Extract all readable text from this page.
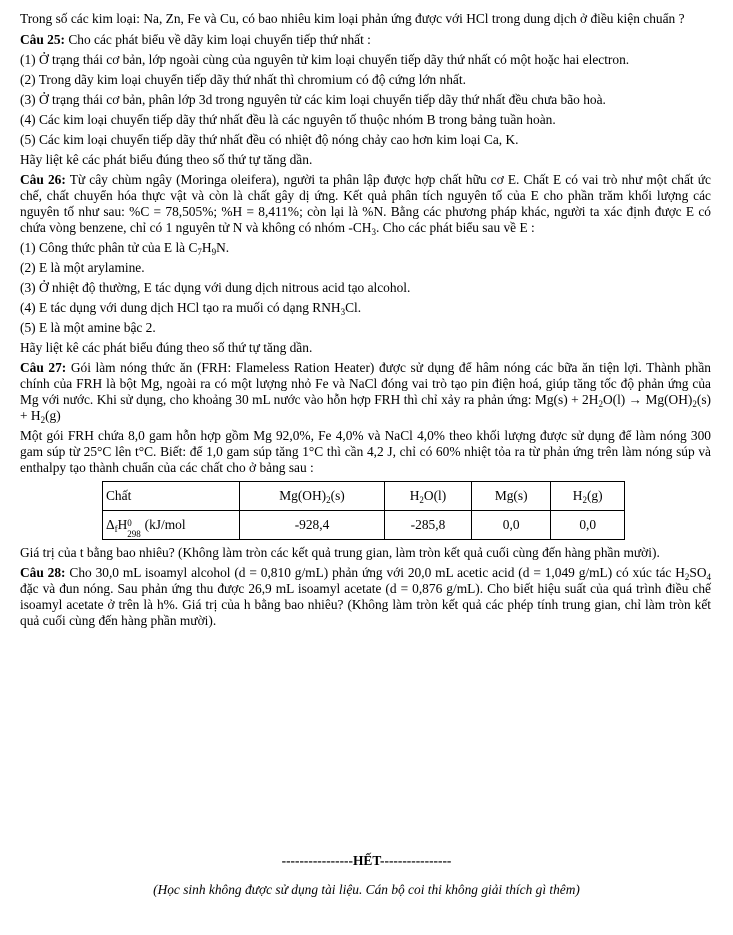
Trong số các kim loại: Na, Zn, Fe và Cu, có bao nhiêu kim loại phản ứng được với HCl trong dung dịch ở điều kiện chuẩn ?

Câu 25: Cho các phát biểu về dãy kim loại chuyển tiếp thứ nhất :

(1) Ở trạng thái cơ bản, lớp ngoài cùng của nguyên tử kim loại chuyển tiếp dãy thứ nhất có một hoặc hai electron.

(2) Trong dãy kim loại chuyển tiếp dãy thứ nhất thì chromium có độ cứng lớn nhất.

(3) Ở trạng thái cơ bản, phân lớp 3d trong nguyên tử các kim loại chuyển tiếp dãy thứ nhất đều chưa bão hoà.

(4) Các kim loại chuyển tiếp dãy thứ nhất đều là các nguyên tố thuộc nhóm B trong bảng tuần hoàn.

(5) Các kim loại chuyển tiếp dãy thứ nhất đều có nhiệt độ nóng chảy cao hơn kim loại Ca, K.

Hãy liệt kê các phát biểu đúng theo số thứ tự tăng dần.

Câu 26: Từ cây chùm ngây (Moringa oleifera), người ta phân lập được hợp chất hữu cơ E. Chất E có vai trò như một chất ức chế, chất chuyển hóa thực vật và còn là chất gây dị ứng. Kết quả phân tích nguyên tố của E cho phần trăm khối lượng các nguyên tố như sau: %C = 78,505%; %H = 8,411%; còn lại là %N. Bằng các phương pháp khác, người ta xác định được E có chứa vòng benzene, chỉ có 1 nguyên tử N và không có nhóm $-CH_3$. Cho các phát biểu sau về E :

(1) Công thức phân tử của E là $C_7H_9N$.

(2) E là một arylamine.

(3) Ở nhiệt độ thường, E tác dụng với dung dịch nitrous acid tạo alcohol.

(4) E tác dụng với dung dịch HCl tạo ra muối có dạng $RNH_3Cl$.

(5) E là một amine bậc 2.

Hãy liệt kê các phát biểu đúng theo số thứ tự tăng dần.

Câu 27: Gói làm nóng thức ăn (FRH: Flameless Ration Heater) được sử dụng để hâm nóng các bữa ăn tiện lợi. Thành phần chính của FRH là bột Mg, ngoài ra có một lượng nhỏ Fe và NaCl đóng vai trò tạo pin điện hoá, giúp tăng tốc độ phản ứng của Mg với nước. Khi sử dụng, cho khoảng 30 mL nước vào hỗn hợp FRH thì chỉ xảy ra phản ứng: $Mg(s) + 2H_2O(l) \to Mg(OH)_2(s) + H_2(g)$

Một gói FRH chứa 8,0 gam hỗn hợp gồm Mg 92,0%, Fe 4,0% và NaCl 4,0% theo khối lượng được sử dụng để làm nóng 300 gam súp từ 25°C lên t°C. Biết: để 1,0 gam súp tăng 1°C thì cần 4,2 J, chỉ có 60% nhiệt tỏa ra từ phản ứng trên làm nóng súp và enthalpy tạo thành chuẩn của các chất cho ở bảng sau :

Chất	$Mg(OH)_2(s)$	$H_2O(l)$	Mg(s)	$H_2(g)$
$\Delta_fH$ 0
298
(kJ/mol	-928,4	-285,8	0,0	0,0

Giá trị của t bằng bao nhiêu? (Không làm tròn các kết quả trung gian, làm tròn kết quả cuối cùng đến hàng phần mười).

Câu 28: Cho 30,0 mL isoamyl alcohol (d = 0,810 g/mL) phản ứng với 20,0 mL acetic acid (d = 1,049 g/mL) có xúc tác $H_2SO_4$ đặc và đun nóng. Sau phản ứng thu được 26,9 mL isoamyl acetate (d = 0,876 g/mL). Cho biết hiệu suất của quá trình điều chế isoamyl acetate ở trên là h%. Giá trị của h bằng bao nhiêu? (Không làm tròn kết quả các phép tính trung gian, chỉ làm tròn kết quả cuối cùng đến hàng phần mười).

----------------HẾT----------------
(Học sinh không được sử dụng tài liệu. Cán bộ coi thi không giải thích gì thêm)
